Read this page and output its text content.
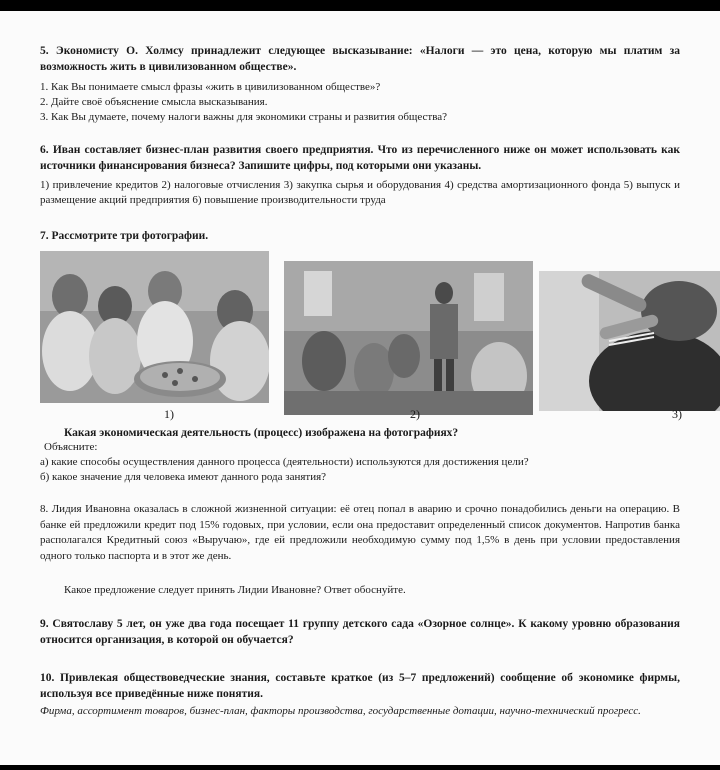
5. Экономисту О. Холмсу принадлежит следующее высказывание: «Налоги — это цена, которую мы платим за возможность жить в цивилизованном обществе».
1. Как Вы понимаете смысл фразы «жить в цивилизованном обществе»?
2. Дайте своё объяснение смысла высказывания.
3. Как Вы думаете, почему налоги важны для экономики страны и развития общества?
6. Иван составляет бизнес-план развития своего предприятия. Что из перечисленного ниже он может использовать как источники финансирования бизнеса? Запишите цифры, под которыми они указаны.
1) привлечение кредитов 2) налоговые отчисления 3) закупка сырья и оборудования 4) средства амортизационного фонда 5) выпуск и размещение акций предприятия 6) повышение производительности труда
7. Рассмотрите три фотографии.
1)	2)	3)
Какая экономическая деятельность (процесс) изображена на фотографиях?
Объясните:
а) какие способы осуществления данного процесса (деятельности) используются для достижения цели?
б) какое значение для человека имеют данного рода занятия?
8. Лидия Ивановна оказалась в сложной жизненной ситуации: её отец попал в аварию и срочно понадобились деньги на операцию. В банке ей предложили кредит под 15% годовых, при условии, если она предоставит определенный список документов. Напротив банка располагался Кредитный союз «Выручаю», где ей предложили необходимую сумму под 1,5% в день при условии предоставления одного только паспорта и в этот же день.
Какое предложение следует принять Лидии Ивановне? Ответ обоснуйте.
9. Святославу 5 лет, он уже два года посещает 11 группу детского сада «Озорное солнце». К какому уровню образования относится организация, в которой он обучается?
10. Привлекая обществоведческие знания, составьте краткое (из 5–7 предложений) сообщение об экономике фирмы, используя все приведённые ниже понятия.
Фирма, ассортимент товаров, бизнес-план, факторы производства, государственные дотации, научно-технический прогресс.
